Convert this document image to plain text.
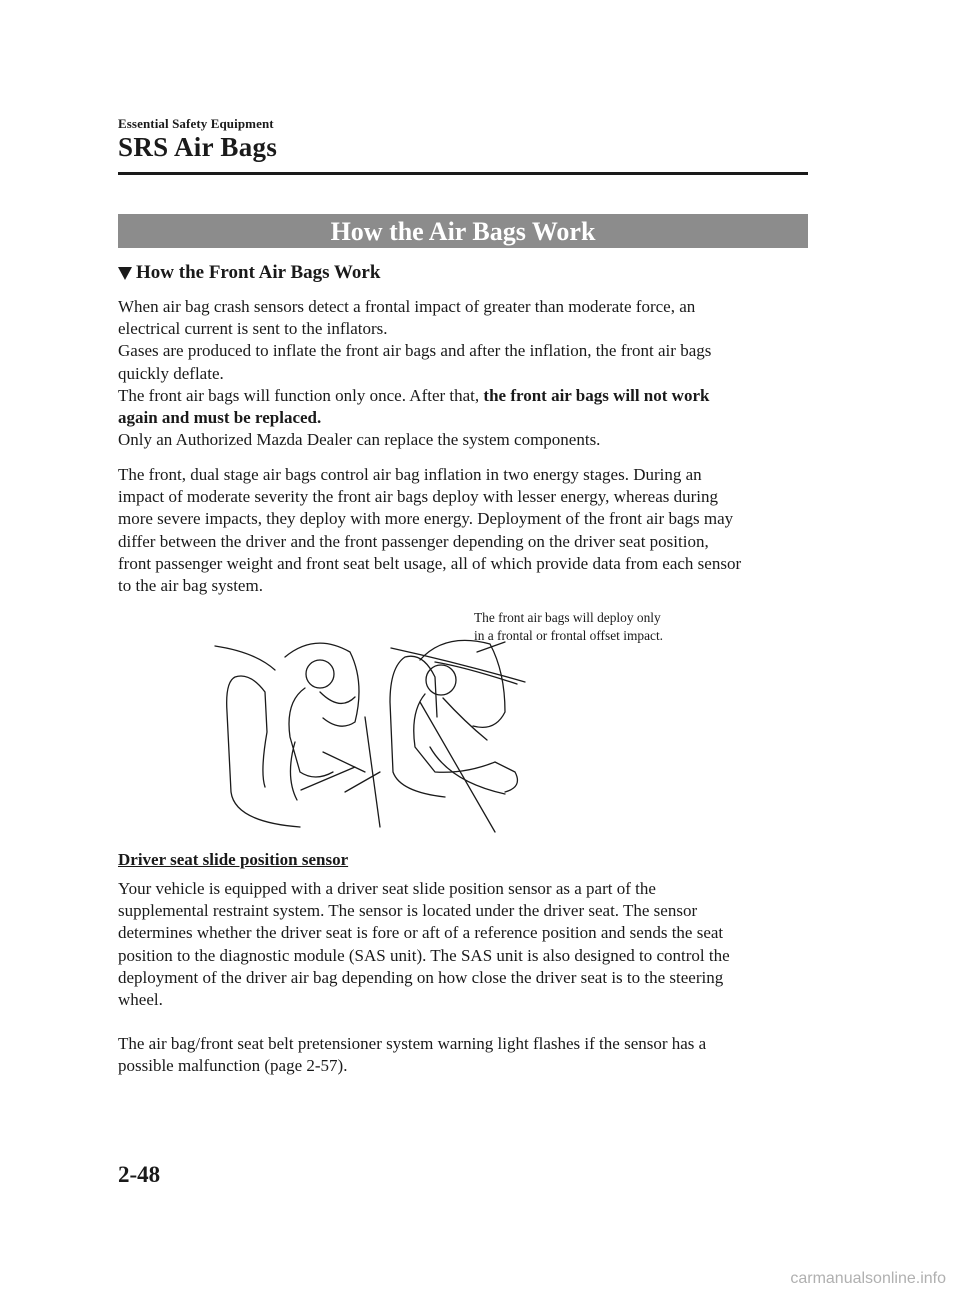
Essential Safety Equipment
SRS Air Bags
How the Air Bags Work
How the Front Air Bags Work

When air bag crash sensors detect a frontal impact of greater than moderate force, an

electrical current is sent to the inflators.

Gases are produced to inflate the front air bags and after the inflation, the front air bags

quickly deflate.

The front air bags will function only once. After that, the front air bags will not work

again and must be replaced.

Only an Authorized Mazda Dealer can replace the system components.

The front, dual stage air bags control air bag inflation in two energy stages. During an

impact of moderate severity the front air bags deploy with lesser energy, whereas during

more severe impacts, they deploy with more energy. Deployment of the front air bags may

differ between the driver and the front passenger depending on the driver seat position,

front passenger weight and front seat belt usage, all of which provide data from each sensor

to the air bag system.

The front air bags will deploy only
in a frontal or frontal offset impact.
Driver seat slide position sensor

Your vehicle is equipped with a driver seat slide position sensor as a part of the

supplemental restraint system. The sensor is located under the driver seat. The sensor

determines whether the driver seat is fore or aft of a reference position and sends the seat

position to the diagnostic module (SAS unit). The SAS unit is also designed to control the

deployment of the driver air bag depending on how close the driver seat is to the steering

wheel.

The air bag/front seat belt pretensioner system warning light flashes if the sensor has a

possible malfunction (page 2-57).

2-48
carmanualsonline.info
